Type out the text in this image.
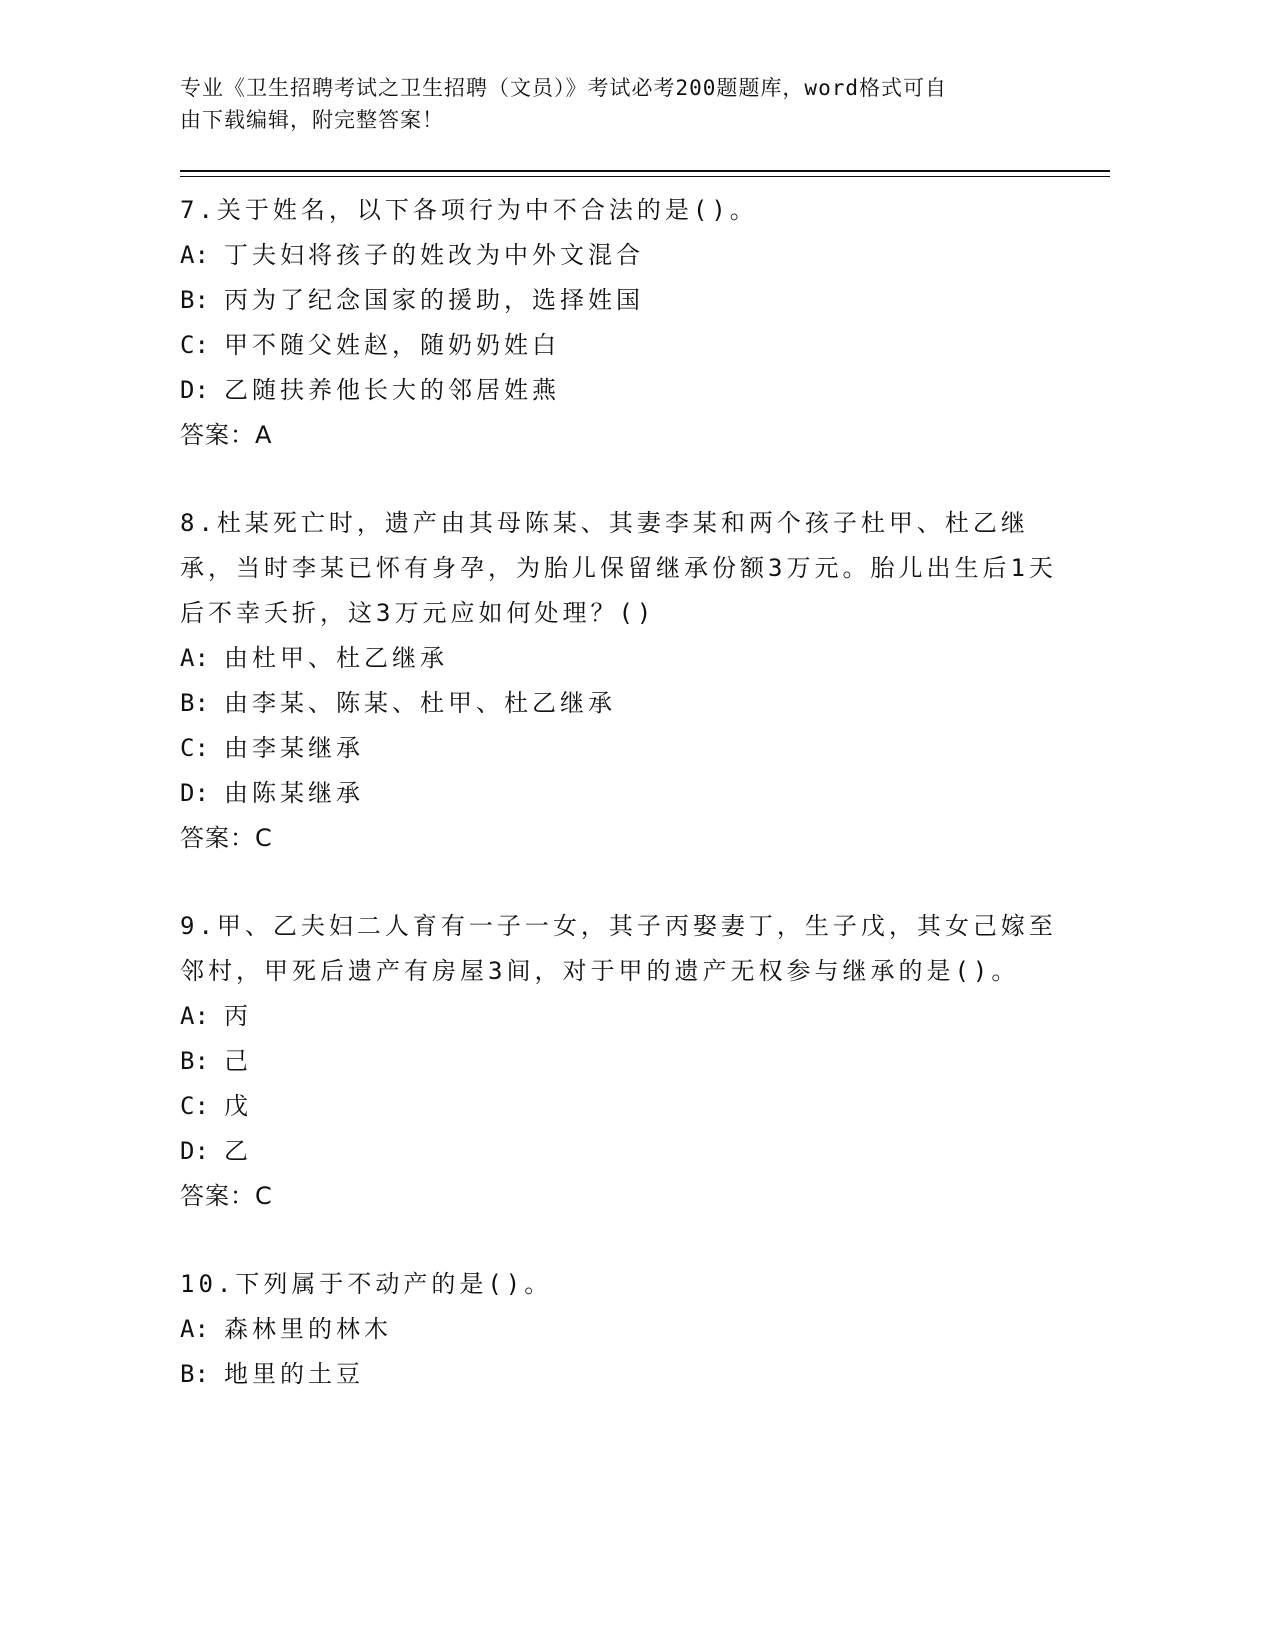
专业《卫生招聘考试之卫生招聘（文员）》考试必考200题题库，word格式可自
由下载编辑，附完整答案！
7.关于姓名，以下各项行为中不合法的是()。
A: 丁夫妇将孩子的姓改为中外文混合
B: 丙为了纪念国家的援助，选择姓国
C: 甲不随父姓赵，随奶奶姓白
D: 乙随扶养他长大的邻居姓燕
答案：A
8.杜某死亡时，遗产由其母陈某、其妻李某和两个孩子杜甲、杜乙继承，当时李某已怀有身孕，为胎儿保留继承份额3万元。胎儿出生后1天后不幸夭折，这3万元应如何处理？()
A: 由杜甲、杜乙继承
B: 由李某、陈某、杜甲、杜乙继承
C: 由李某继承
D: 由陈某继承
答案：C
9.甲、乙夫妇二人育有一子一女，其子丙娶妻丁，生子戊，其女己嫁至邻村，甲死后遗产有房屋3间，对于甲的遗产无权参与继承的是()。
A: 丙
B: 己
C: 戊
D: 乙
答案：C
10.下列属于不动产的是()。
A: 森林里的林木
B: 地里的土豆
